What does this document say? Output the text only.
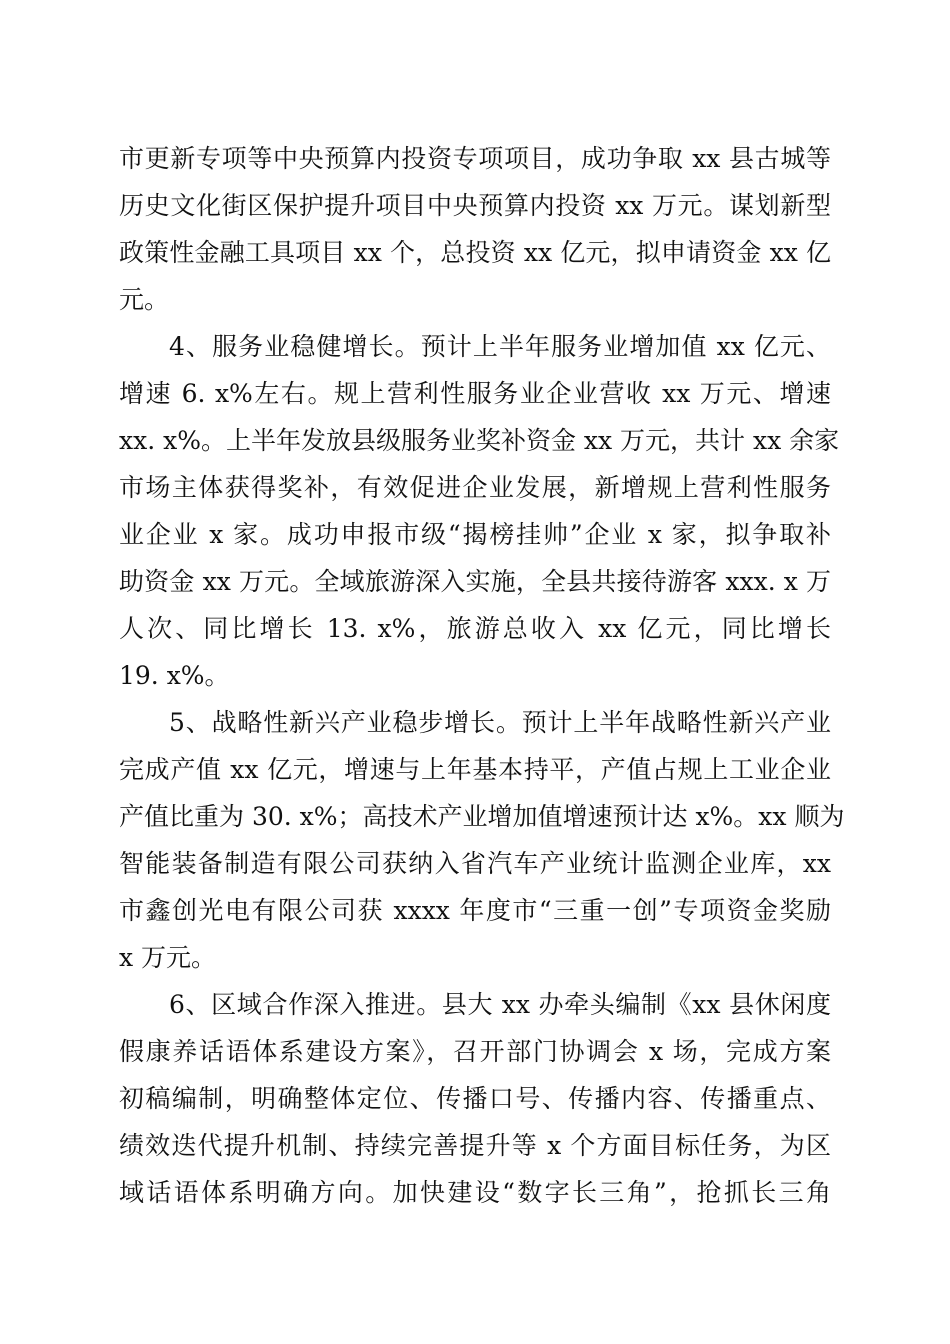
市更新专项等中央预算内投资专项项目，成功争取 xx 县古城等
历史文化街区保护提升项目中央预算内投资 xx 万元。谋划新型
政策性金融工具项目 xx 个，总投资 xx 亿元，拟申请资金 xx 亿
元。
4、服务业稳健增长。预计上半年服务业增加值 xx 亿元、
增速 6. x%左右。规上营利性服务业企业营收 xx 万元、增速
xx. x%。上半年发放县级服务业奖补资金 xx 万元，共计 xx 余家
市场主体获得奖补，有效促进企业发展，新增规上营利性服务
业企业 x 家。成功申报市级“揭榜挂帅”企业 x 家，拟争取补
助资金 xx 万元。全域旅游深入实施，全县共接待游客 xxx. x 万
人次、同比增长 13. x%，旅游总收入 xx 亿元，同比增长
19. x%。
5、战略性新兴产业稳步增长。预计上半年战略性新兴产业
完成产值 xx 亿元，增速与上年基本持平，产值占规上工业企业
产值比重为 30. x%；高技术产业增加值增速预计达 x%。xx 顺为
智能装备制造有限公司获纳入省汽车产业统计监测企业库，xx
市鑫创光电有限公司获 xxxx 年度市“三重一创”专项资金奖励
x 万元。
6、区域合作深入推进。县大 xx 办牵头编制《xx 县休闲度
假康养话语体系建设方案》，召开部门协调会 x 场，完成方案
初稿编制，明确整体定位、传播口号、传播内容、传播重点、
绩效迭代提升机制、持续完善提升等 x 个方面目标任务，为区
域话语体系明确方向。加快建设“数字长三角”，抢抓长三角
